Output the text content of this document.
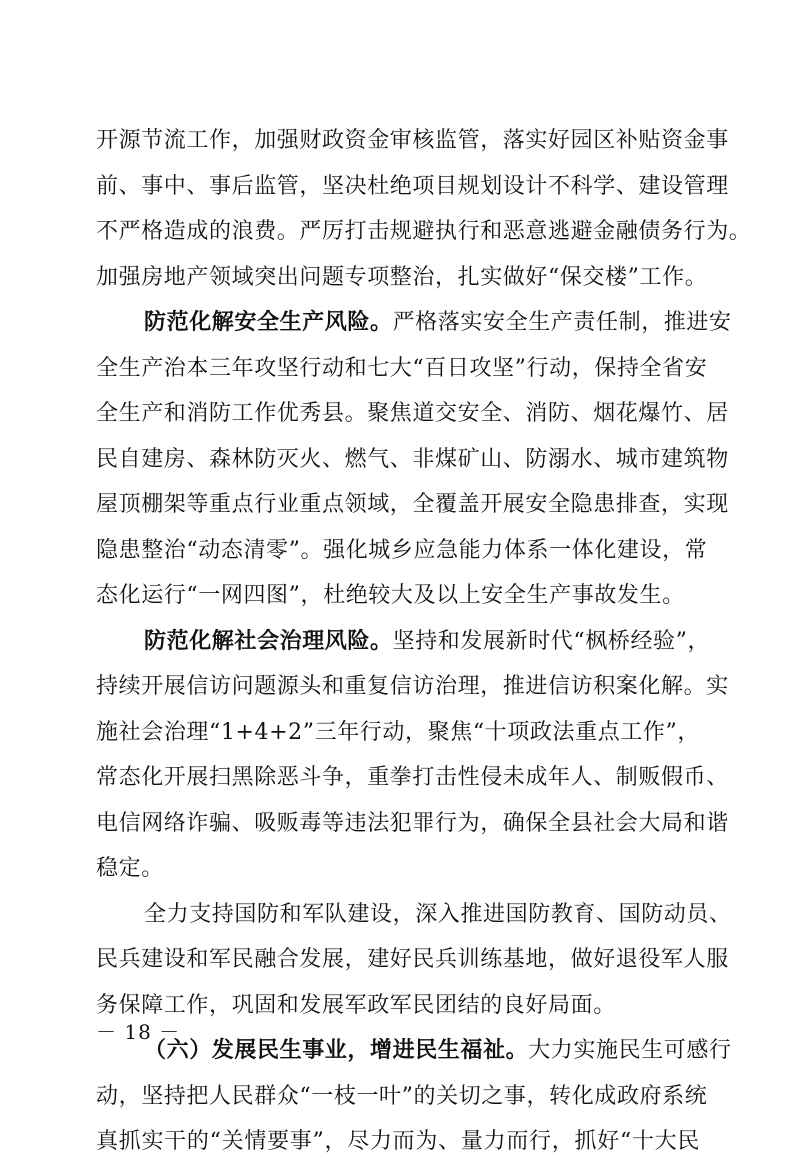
开源节流工作，加强财政资金审核监管，落实好园区补贴资金事
前、事中、事后监管，坚决杜绝项目规划设计不科学、建设管理
不严格造成的浪费。严厉打击规避执行和恶意逃避金融债务行为。
加强房地产领域突出问题专项整治，扎实做好“保交楼”工作。
防范化解安全生产风险。严格落实安全生产责任制，推进安
全生产治本三年攻坚行动和七大“百日攻坚”行动，保持全省安
全生产和消防工作优秀县。聚焦道交安全、消防、烟花爆竹、居
民自建房、森林防灭火、燃气、非煤矿山、防溺水、城市建筑物
屋顶棚架等重点行业重点领域，全覆盖开展安全隐患排查，实现
隐患整治“动态清零”。强化城乡应急能力体系一体化建设，常
态化运行“一网四图”，杜绝较大及以上安全生产事故发生。
防范化解社会治理风险。坚持和发展新时代“枫桥经验”，
持续开展信访问题源头和重复信访治理，推进信访积案化解。实
施社会治理“1+4+2”三年行动，聚焦“十项政法重点工作”，
常态化开展扫黑除恶斗争，重拳打击性侵未成年人、制贩假币、
电信网络诈骗、吸贩毒等违法犯罪行为，确保全县社会大局和谐
稳定。
全力支持国防和军队建设，深入推进国防教育、国防动员、
民兵建设和军民融合发展，建好民兵训练基地，做好退役军人服
务保障工作，巩固和发展军政军民团结的良好局面。
（六）发展民生事业，增进民生福祉。大力实施民生可感行
动，坚持把人民群众“一枝一叶”的关切之事，转化成政府系统
真抓实干的“关情要事”，尽力而为、量力而行，抓好“十大民
－ 18 －
